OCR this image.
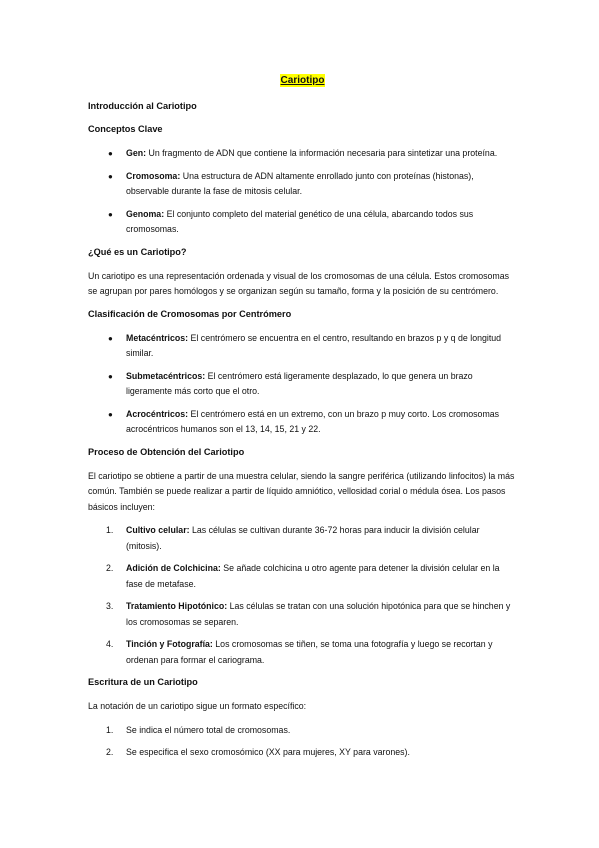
Cariotipo
Introducción al Cariotipo
Conceptos Clave
● Gen: Un fragmento de ADN que contiene la información necesaria para sintetizar una proteína.
● Cromosoma: Una estructura de ADN altamente enrollado junto con proteínas (histonas), observable durante la fase de mitosis celular.
● Genoma: El conjunto completo del material genético de una célula, abarcando todos sus cromosomas.
¿Qué es un Cariotipo?
Un cariotipo es una representación ordenada y visual de los cromosomas de una célula. Estos cromosomas se agrupan por pares homólogos y se organizan según su tamaño, forma y la posición de su centrómero.
Clasificación de Cromosomas por Centrómero
● Metacéntricos: El centrómero se encuentra en el centro, resultando en brazos p y q de longitud similar.
● Submetacéntricos: El centrómero está ligeramente desplazado, lo que genera un brazo ligeramente más corto que el otro.
● Acrocéntricos: El centrómero está en un extremo, con un brazo p muy corto. Los cromosomas acrocéntricos humanos son el 13, 14, 15, 21 y 22.
Proceso de Obtención del Cariotipo
El cariotipo se obtiene a partir de una muestra celular, siendo la sangre periférica (utilizando linfocitos) la más común. También se puede realizar a partir de líquido amniótico, vellosidad corial o médula ósea. Los pasos básicos incluyen:
1. Cultivo celular: Las células se cultivan durante 36-72 horas para inducir la división celular (mitosis).
2. Adición de Colchicina: Se añade colchicina u otro agente para detener la división celular en la fase de metafase.
3. Tratamiento Hipotónico: Las células se tratan con una solución hipotónica para que se hinchen y los cromosomas se separen.
4. Tinción y Fotografía: Los cromosomas se tiñen, se toma una fotografía y luego se recortan y ordenan para formar el cariograma.
Escritura de un Cariotipo
La notación de un cariotipo sigue un formato específico:
1. Se indica el número total de cromosomas.
2. Se especifica el sexo cromosómico (XX para mujeres, XY para varones).
